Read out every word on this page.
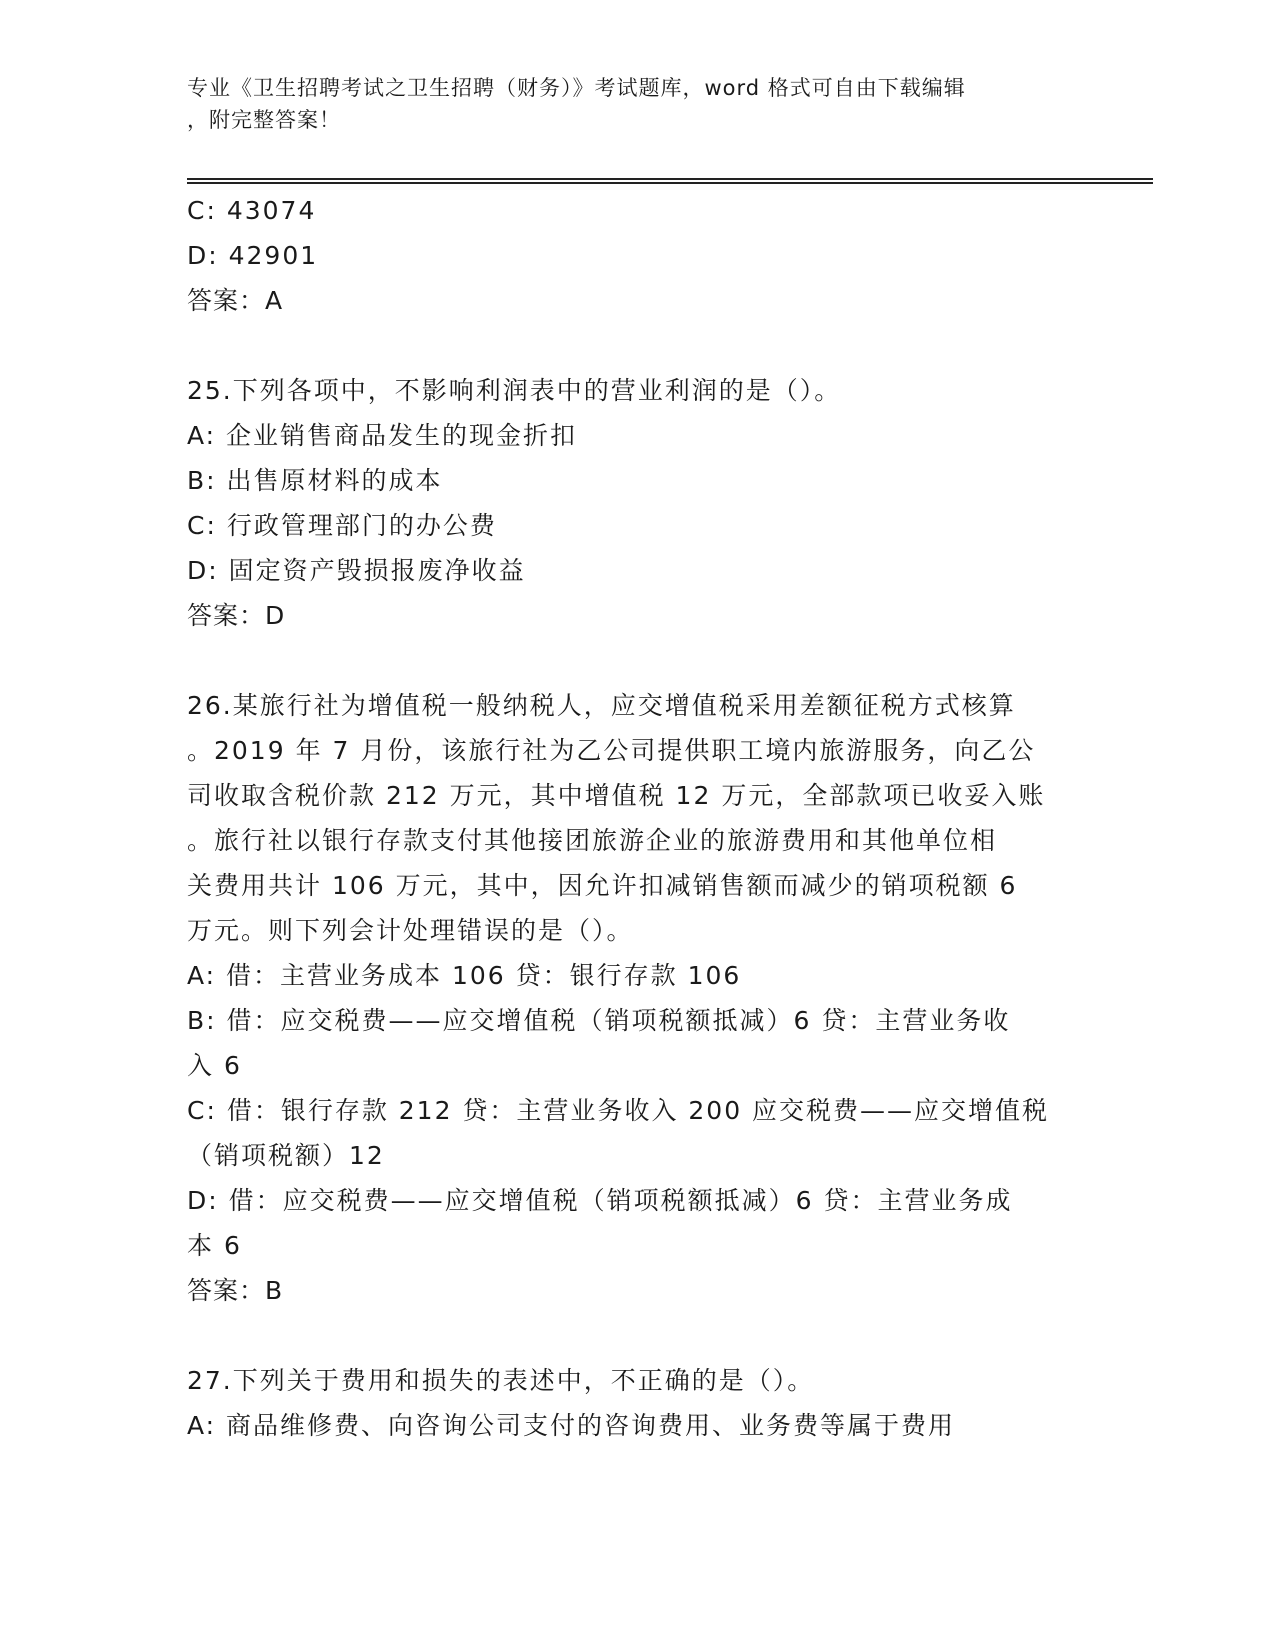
专业《卫生招聘考试之卫生招聘（财务）》考试题库，word 格式可自由下载编辑
，附完整答案！
C: 43074
D: 42901
答案：A
25.下列各项中，不影响利润表中的营业利润的是（）。
A: 企业销售商品发生的现金折扣
B: 出售原材料的成本
C: 行政管理部门的办公费
D: 固定资产毁损报废净收益
答案：D
26.某旅行社为增值税一般纳税人，应交增值税采用差额征税方式核算
。2019 年 7 月份，该旅行社为乙公司提供职工境内旅游服务，向乙公
司收取含税价款 212 万元，其中增值税 12 万元，全部款项已收妥入账
。旅行社以银行存款支付其他接团旅游企业的旅游费用和其他单位相
关费用共计 106 万元，其中，因允许扣减销售额而减少的销项税额 6
万元。则下列会计处理错误的是（）。
A: 借：主营业务成本 106 贷：银行存款 106
B: 借：应交税费——应交增值税（销项税额抵减）6 贷：主营业务收
入 6
C: 借：银行存款 212 贷：主营业务收入 200 应交税费——应交增值税
（销项税额）12
D: 借：应交税费——应交增值税（销项税额抵减）6 贷：主营业务成
本 6
答案：B
27.下列关于费用和损失的表述中，不正确的是（）。
A: 商品维修费、向咨询公司支付的咨询费用、业务费等属于费用
